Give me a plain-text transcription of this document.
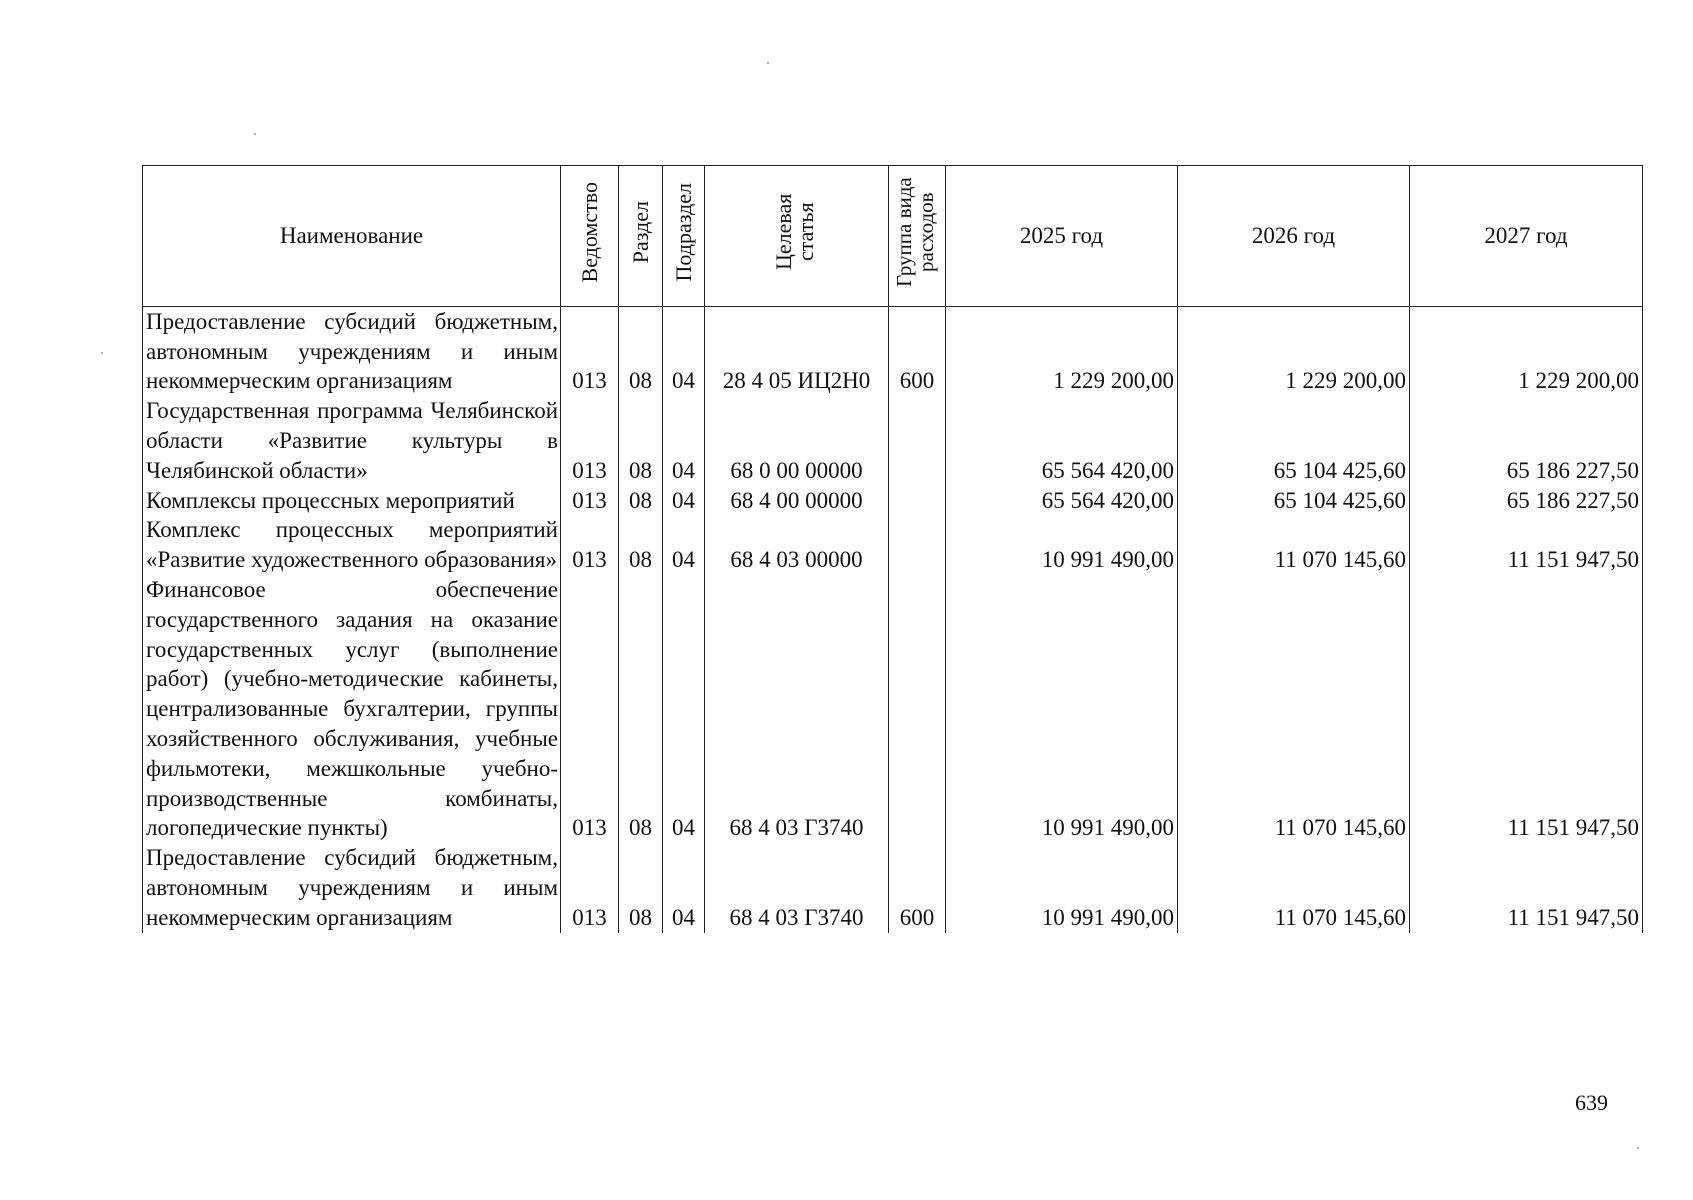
Наименование	Ведомство	Раздел	Подраздел	Целевая статья	Группа вида расходов	2025 год	2026 год	2027 год
Предоставление субсидий бюджетным, автономным учреждениям и иным некоммерческим организациям	013	08	04	28 4 05 ИЦ2Н0	600	1 229 200,00	1 229 200,00	1 229 200,00
Государственная программа Челябинской области «Развитие культуры в Челябинской области»	013	08	04	68 0 00 00000		65 564 420,00	65 104 425,60	65 186 227,50
Комплексы процессных мероприятий	013	08	04	68 4 00 00000		65 564 420,00	65 104 425,60	65 186 227,50
Комплекс процессных мероприятий «Развитие художественного образования»	013	08	04	68 4 03 00000		10 991 490,00	11 070 145,60	11 151 947,50
Финансовое обеспечение государственного задания на оказание государственных услуг (выполнение работ) (учебно-методические кабинеты, централизованные бухгалтерии, группы хозяйственного обслуживания, учебные фильмотеки, межшкольные учебно-производственные комбинаты, логопедические пункты)	013	08	04	68 4 03 Г3740		10 991 490,00	11 070 145,60	11 151 947,50
Предоставление субсидий бюджетным, автономным учреждениям и иным некоммерческим организациям	013	08	04	68 4 03 Г3740	600	10 991 490,00	11 070 145,60	11 151 947,50
639
